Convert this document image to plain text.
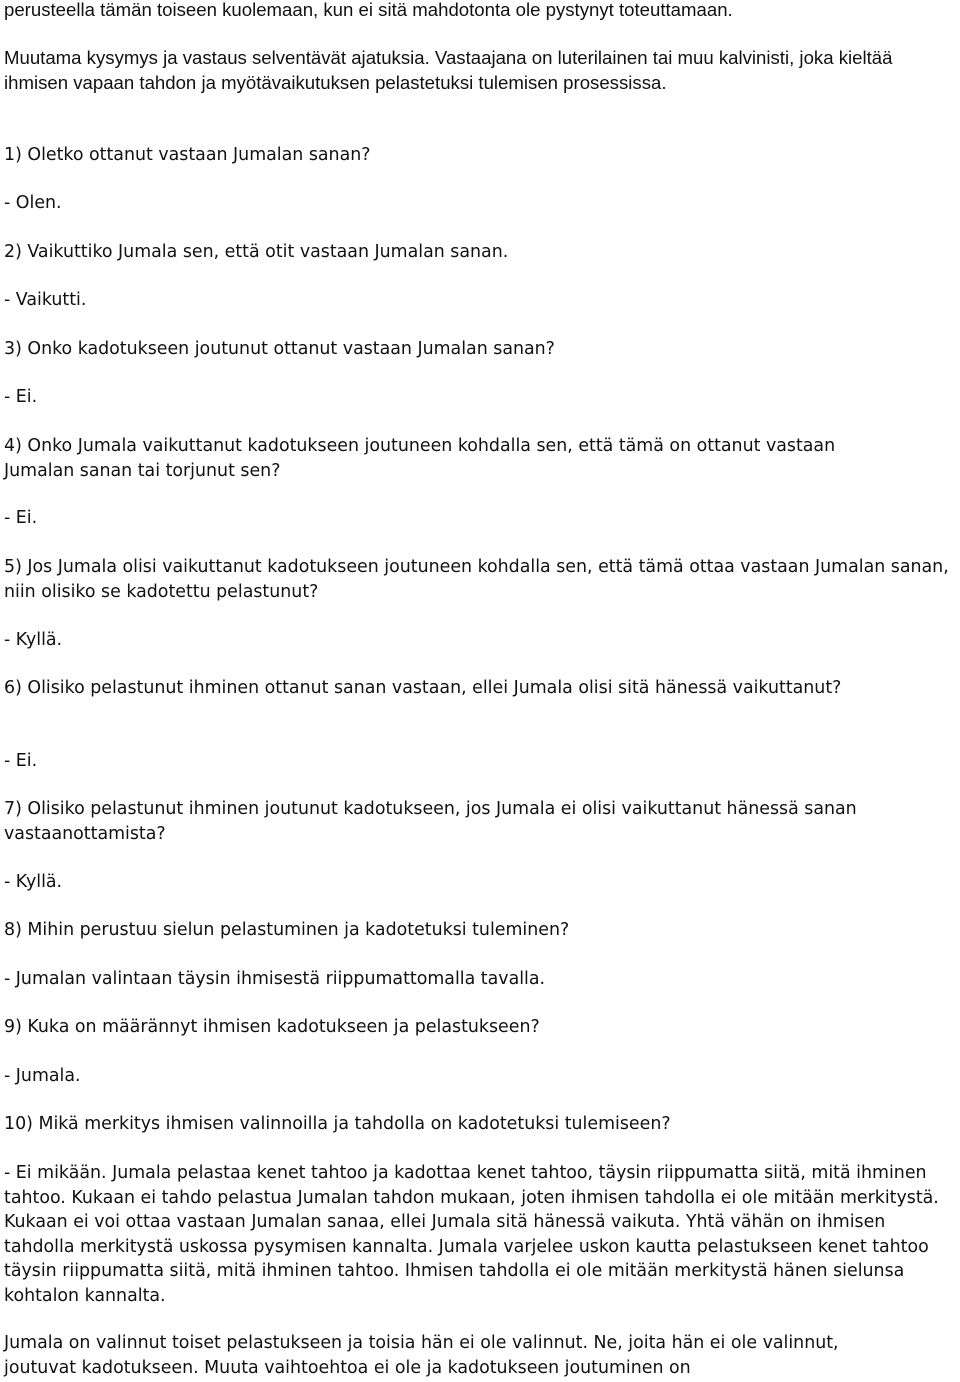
perusteella tämän toiseen kuolemaan, kun ei sitä mahdotonta ole pystynyt toteuttamaan.

Muutama kysymys ja vastaus selventävät ajatuksia. Vastaajana on luterilainen tai muu kalvinisti, joka kieltää ihmisen vapaan tahdon ja myötävaikutuksen pelastetuksi tulemisen prosessissa.

1) Oletko ottanut vastaan Jumalan sanan?

- Olen.

2) Vaikuttiko Jumala sen, että otit vastaan Jumalan sanan.

- Vaikutti.

3) Onko kadotukseen joutunut ottanut vastaan Jumalan sanan?

- Ei.

4) Onko Jumala vaikuttanut kadotukseen joutuneen kohdalla sen, että tämä on ottanut vastaan Jumalan sanan tai torjunut sen?

- Ei.

5) Jos Jumala olisi vaikuttanut kadotukseen joutuneen kohdalla sen, että tämä ottaa vastaan Jumalan sanan, niin olisiko se kadotettu pelastunut?

- Kyllä.

6) Olisiko pelastunut ihminen ottanut sanan vastaan, ellei Jumala olisi sitä hänessä vaikuttanut?

- Ei.

7) Olisiko pelastunut ihminen joutunut kadotukseen, jos Jumala ei olisi vaikuttanut hänessä sanan vastaanottamista?

- Kyllä.

8) Mihin perustuu sielun pelastuminen ja kadotetuksi tuleminen?

- Jumalan valintaan täysin ihmisestä riippumattomalla tavalla.

9) Kuka on määrännyt ihmisen kadotukseen ja pelastukseen?

- Jumala.

10) Mikä merkitys ihmisen valinnoilla ja tahdolla on kadotetuksi tulemiseen?

- Ei mikään. Jumala pelastaa kenet tahtoo ja kadottaa kenet tahtoo, täysin riippumatta siitä, mitä ihminen tahtoo. Kukaan ei tahdo pelastua Jumalan tahdon mukaan, joten ihmisen tahdolla ei ole mitään merkitystä. Kukaan ei voi ottaa vastaan Jumalan sanaa, ellei Jumala sitä hänessä vaikuta. Yhtä vähän on ihmisen tahdolla merkitystä uskossa pysymisen kannalta. Jumala varjelee uskon kautta pelastukseen kenet tahtoo täysin riippumatta siitä, mitä ihminen tahtoo. Ihmisen tahdolla ei ole mitään merkitystä hänen sielunsa kohtalon kannalta.

Jumala on valinnut toiset pelastukseen ja toisia hän ei ole valinnut. Ne, joita hän ei ole valinnut, joutuvat kadotukseen. Muuta vaihtoehtoa ei ole ja kadotukseen joutuminen on
